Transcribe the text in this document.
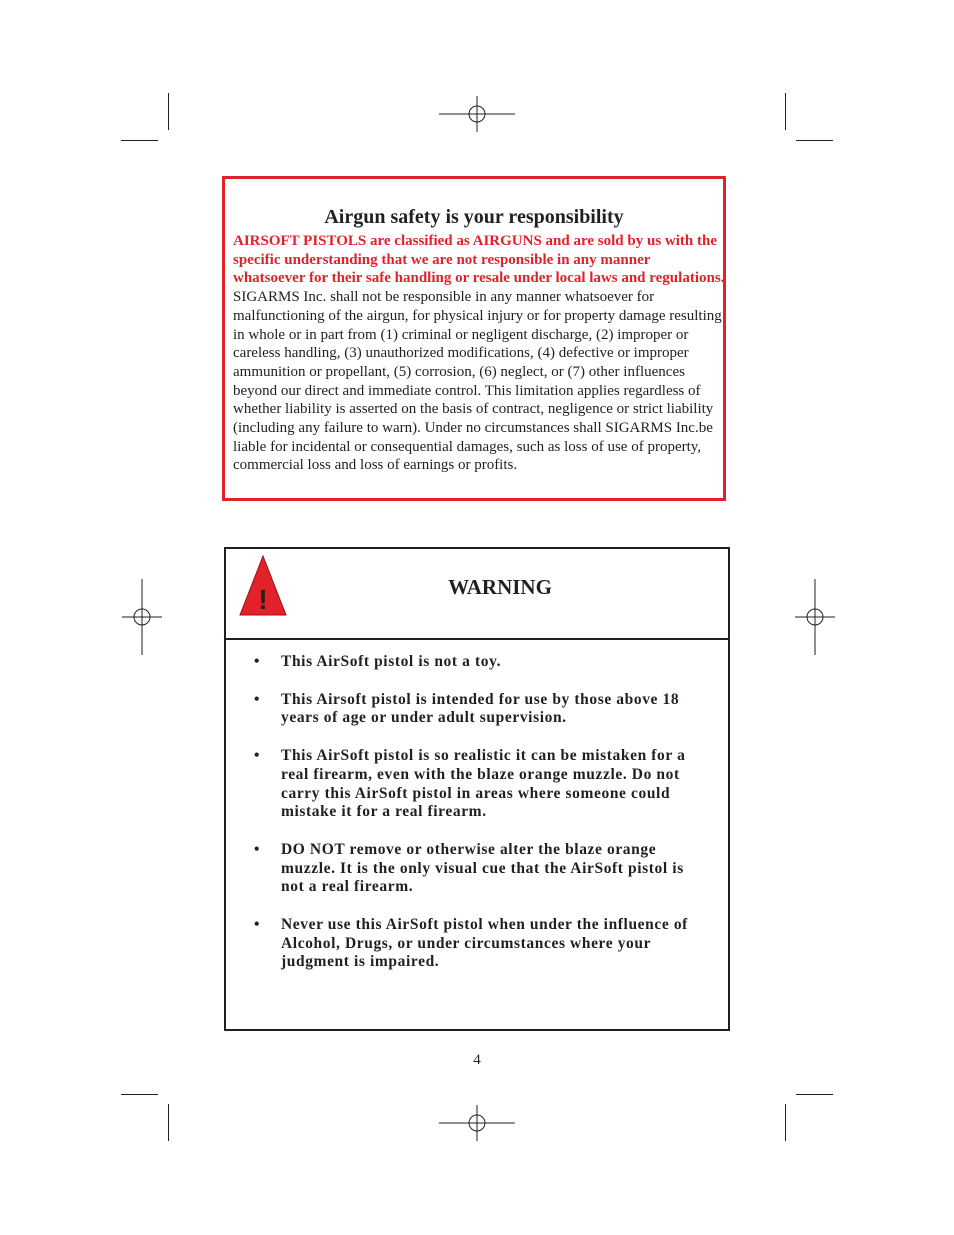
Airgun safety is your responsibility

AIRSOFT PISTOLS are classified as AIRGUNS and are sold by us with the specific understanding that we are not responsible in any manner whatsoever for their safe handling or resale under local laws and regulations. SIGARMS Inc. shall not be responsible in any manner whatsoever for malfunctioning of the airgun, for physical injury or for property damage resulting in whole or in part from (1) criminal or negligent discharge, (2) improper or careless handling, (3) unauthorized modifications, (4) defective or improper ammunition or propellant, (5) corrosion, (6) neglect, or (7) other influences beyond our direct and immediate control. This limitation applies regardless of whether liability is asserted on the basis of contract, negligence or strict liability (including any failure to warn). Under no circumstances shall SIGARMS Inc.be liable for incidental or consequential damages, such as loss of use of property, commercial loss and loss of earnings or profits.

!	WARNING
• This AirSoft pistol is not a toy.
• This Airsoft pistol is intended for use by those above 18 years of age or under adult supervision.
• This AirSoft pistol is so realistic it can be mistaken for a real firearm, even with the blaze orange muzzle. Do not carry this AirSoft pistol in areas where someone could mistake it for a real firearm.
• DO NOT remove or otherwise alter the blaze orange muzzle. It is the only visual cue that the AirSoft pistol is not a real firearm.
• Never use this AirSoft pistol when under the influence of Alcohol, Drugs, or under circumstances where your judgment is impaired.
4
